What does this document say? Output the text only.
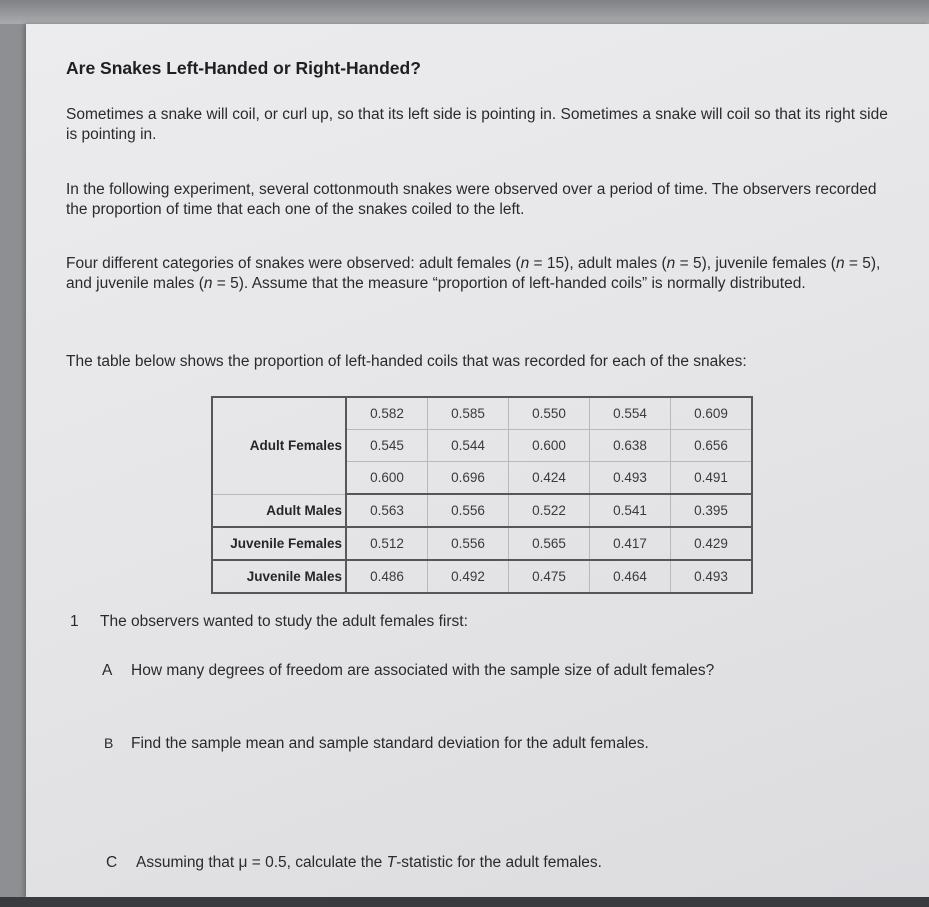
Are Snakes Left-Handed or Right-Handed?

Sometimes a snake will coil, or curl up, so that its left side is pointing in. Sometimes a snake will coil so that its right side is pointing in.

In the following experiment, several cottonmouth snakes were observed over a period of time. The observers recorded the proportion of time that each one of the snakes coiled to the left.

Four different categories of snakes were observed: adult females (n = 15), adult males (n = 5), juvenile females (n = 5), and juvenile males (n = 5). Assume that the measure “proportion of left-handed coils” is normally distributed.

The table below shows the proportion of left-handed coils that was recorded for each of the snakes:

Adult Females	0.582	0.585	0.550	0.554	0.609
	0.545	0.544	0.600	0.638	0.656
	0.600	0.696	0.424	0.493	0.491
Adult Males	0.563	0.556	0.522	0.541	0.395
Juvenile Females	0.512	0.556	0.565	0.417	0.429
Juvenile Males	0.486	0.492	0.475	0.464	0.493
1 The observers wanted to study the adult females first:
A How many degrees of freedom are associated with the sample size of adult females?
B Find the sample mean and sample standard deviation for the adult females.
C Assuming that μ = 0.5, calculate the T-statistic for the adult females.
